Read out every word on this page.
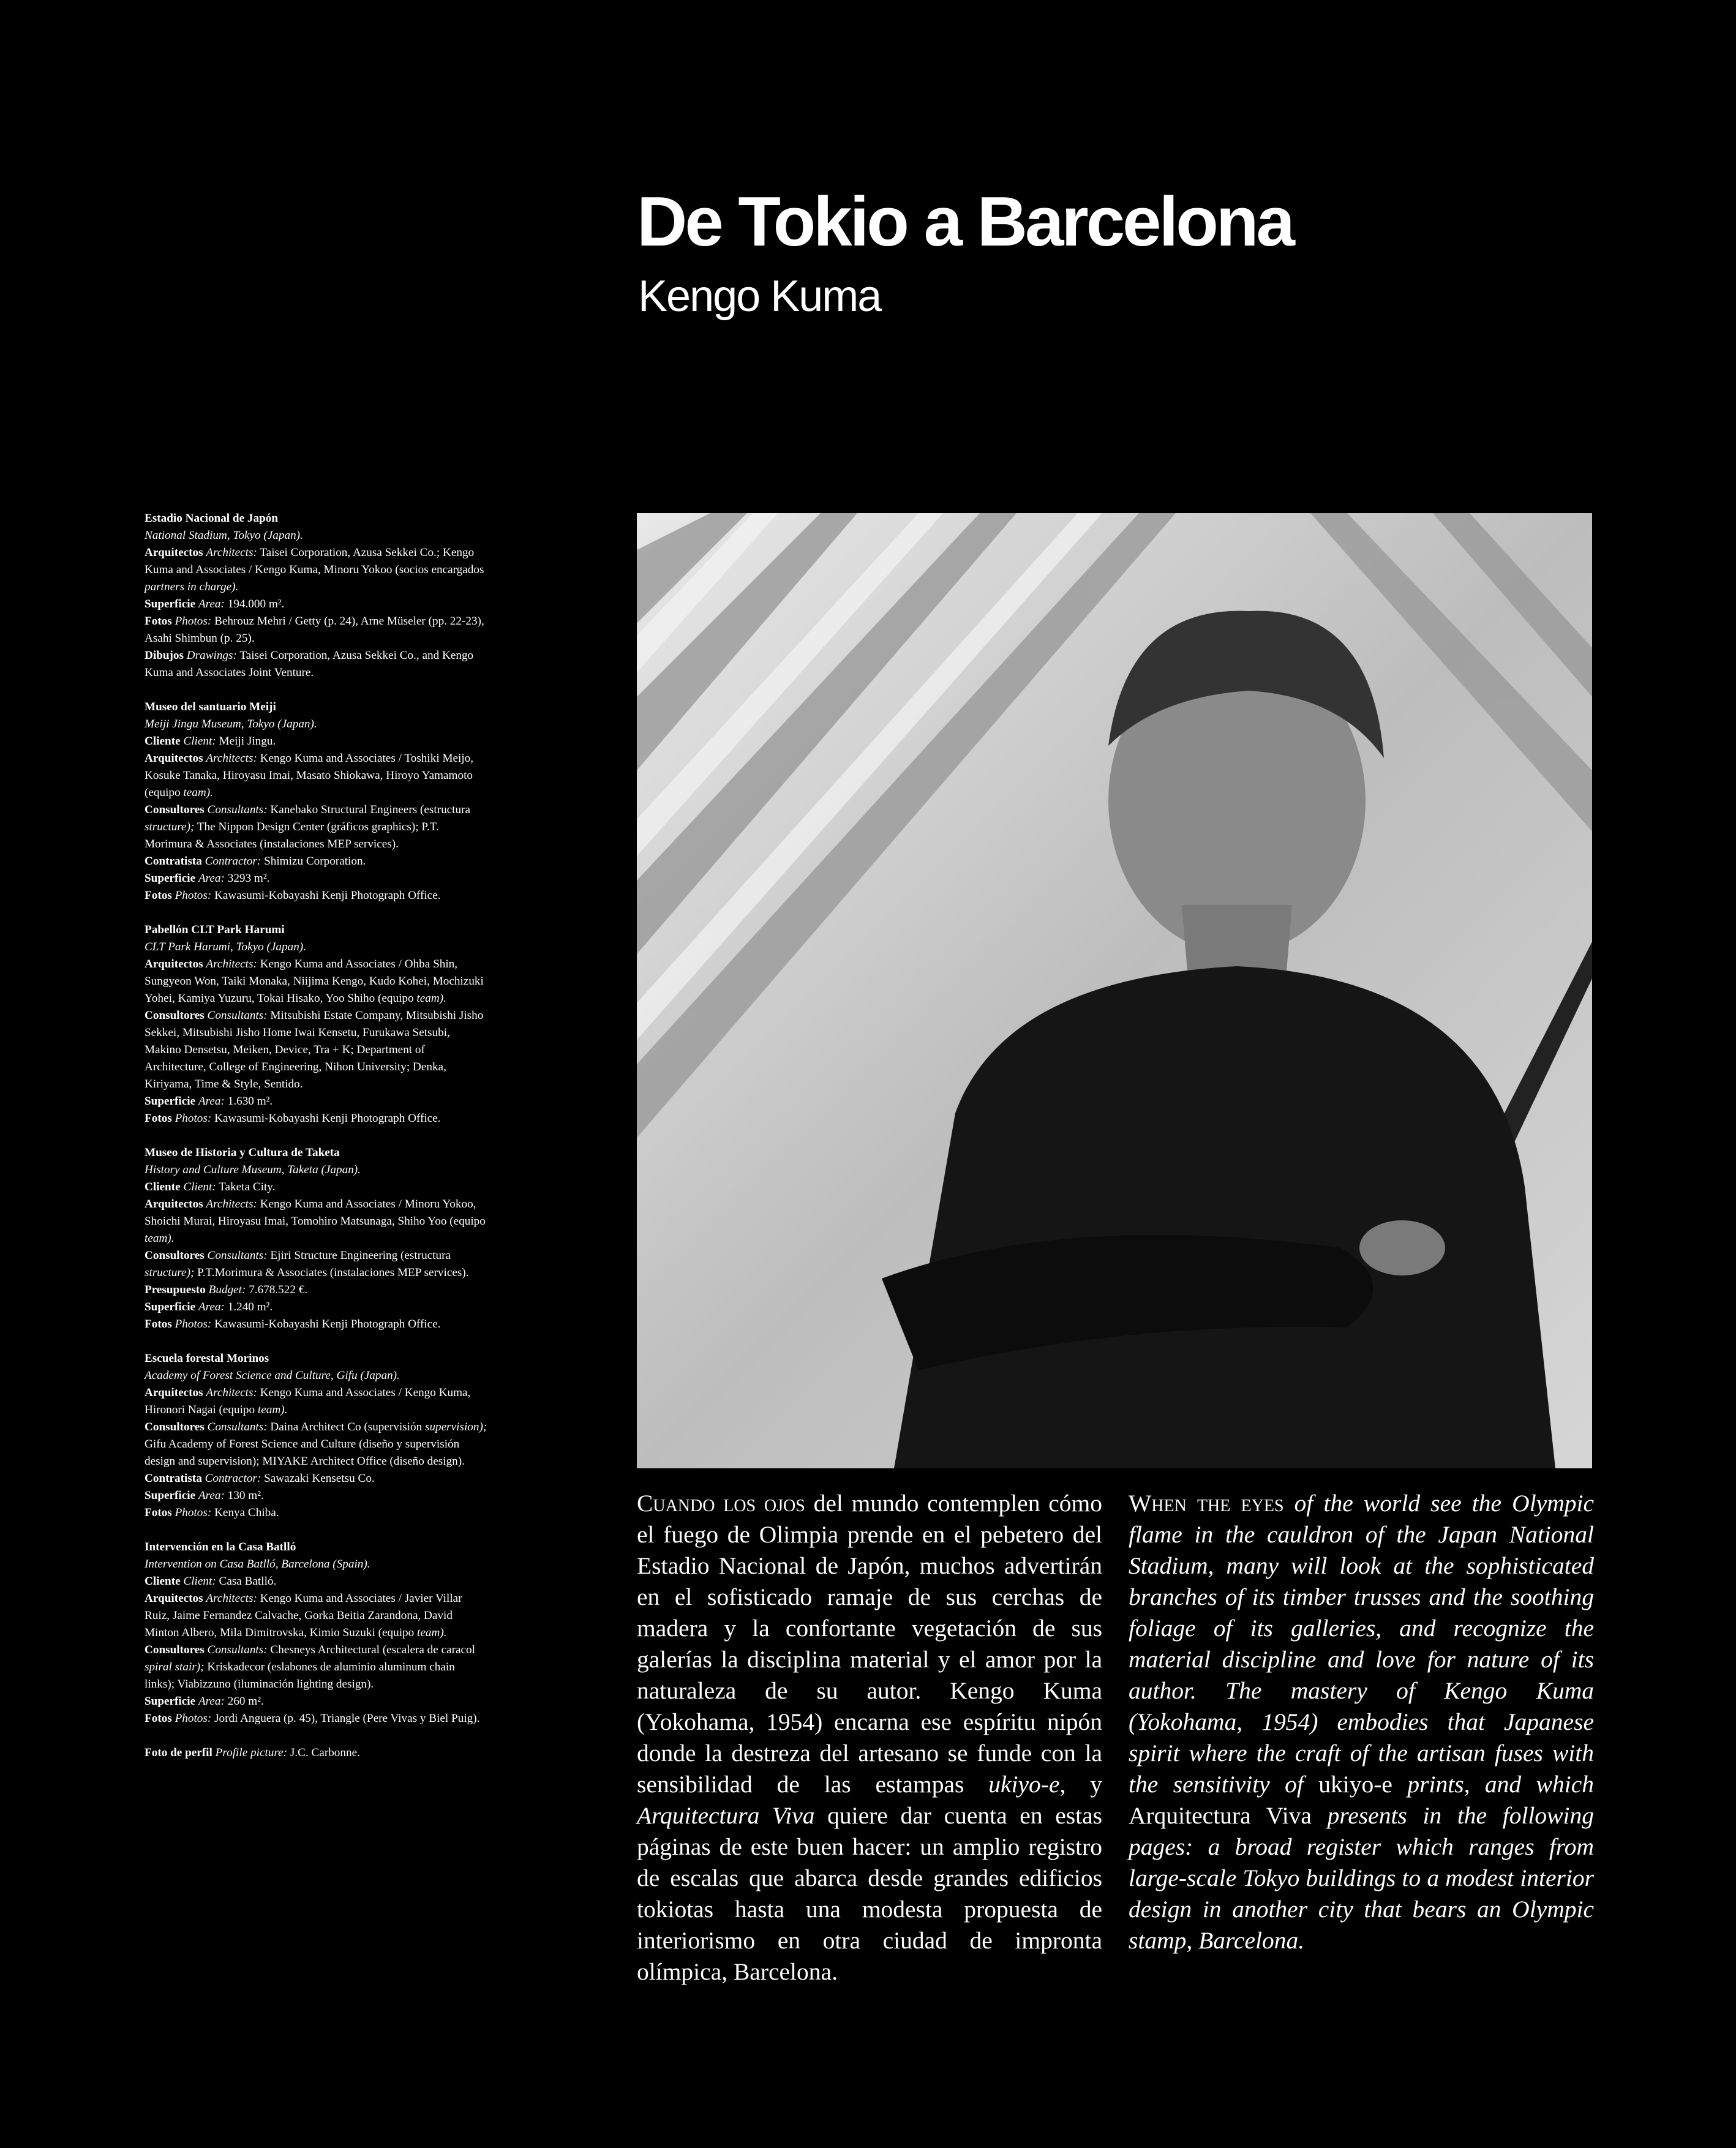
De Tokio a Barcelona
Kengo Kuma
Estadio Nacional de Japón
National Stadium, Tokyo (Japan).
Arquitectos Architects: Taisei Corporation, Azusa Sekkei Co.; Kengo Kuma and Associates / Kengo Kuma, Minoru Yokoo (socios encargados partners in charge).
Superficie Area: 194.000 m².
Fotos Photos: Behrouz Mehri / Getty (p. 24), Arne Müseler (pp. 22-23), Asahi Shimbun (p. 25).
Dibujos Drawings: Taisei Corporation, Azusa Sekkei Co., and Kengo Kuma and Associates Joint Venture.
Museo del santuario Meiji
Meiji Jingu Museum, Tokyo (Japan).
Cliente Client: Meiji Jingu.
Arquitectos Architects: Kengo Kuma and Associates / Toshiki Meijo, Kosuke Tanaka, Hiroyasu Imai, Masato Shiokawa, Hiroyo Yamamoto (equipo team).
Consultores Consultants: Kanebako Structural Engineers (estructura structure); The Nippon Design Center (gráficos graphics); P.T. Morimura & Associates (instalaciones MEP services).
Contratista Contractor: Shimizu Corporation.
Superficie Area: 3293 m².
Fotos Photos: Kawasumi-Kobayashi Kenji Photograph Office.
Pabellón CLT Park Harumi
CLT Park Harumi, Tokyo (Japan).
Arquitectos Architects: Kengo Kuma and Associates / Ohba Shin, Sungyeon Won, Taiki Monaka, Niijima Kengo, Kudo Kohei, Mochizuki Yohei, Kamiya Yuzuru, Tokai Hisako, Yoo Shiho (equipo team).
Consultores Consultants: Mitsubishi Estate Company, Mitsubishi Jisho Sekkei, Mitsubishi Jisho Home Iwai Kensetu, Furukawa Setsubi, Makino Densetsu, Meiken, Device, Tra + K; Department of Architecture, College of Engineering, Nihon University; Denka, Kiriyama, Time & Style, Sentido.
Superficie Area: 1.630 m².
Fotos Photos: Kawasumi-Kobayashi Kenji Photograph Office.
Museo de Historia y Cultura de Taketa
History and Culture Museum, Taketa (Japan).
Cliente Client: Taketa City.
Arquitectos Architects: Kengo Kuma and Associates / Minoru Yokoo, Shoichi Murai, Hiroyasu Imai, Tomohiro Matsunaga, Shiho Yoo (equipo team).
Consultores Consultants: Ejiri Structure Engineering (estructura structure); P.T.Morimura & Associates (instalaciones MEP services).
Presupuesto Budget: 7.678.522 €.
Superficie Area: 1.240 m².
Fotos Photos: Kawasumi-Kobayashi Kenji Photograph Office.
Escuela forestal Morinos
Academy of Forest Science and Culture, Gifu (Japan).
Arquitectos Architects: Kengo Kuma and Associates / Kengo Kuma, Hironori Nagai (equipo team).
Consultores Consultants: Daina Architect Co (supervisión supervision); Gifu Academy of Forest Science and Culture (diseño y supervisión design and supervision); MIYAKE Architect Office (diseño design).
Contratista Contractor: Sawazaki Kensetsu Co.
Superficie Area: 130 m².
Fotos Photos: Kenya Chiba.
Intervención en la Casa Batlló
Intervention on Casa Batlló, Barcelona (Spain).
Cliente Client: Casa Batlló.
Arquitectos Architects: Kengo Kuma and Associates / Javier Villar Ruiz, Jaime Fernandez Calvache, Gorka Beitia Zarandona, David Minton Albero, Mila Dimitrovska, Kimio Suzuki (equipo team).
Consultores Consultants: Chesneys Architectural (escalera de caracol spiral stair); Kriskadecor (eslabones de aluminio aluminum chain links); Viabizzuno (iluminación lighting design).
Superficie Area: 260 m².
Fotos Photos: Jordi Anguera (p. 45), Triangle (Pere Vivas y Biel Puig).
Foto de perfil Profile picture: J.C. Carbonne.
Cuando los ojos del mundo contemplen cómo el fuego de Olimpia prende en el pebetero del Estadio Nacional de Japón, muchos advertirán en el sofisticado ramaje de sus cerchas de madera y la confortante vegetación de sus galerías la disciplina material y el amor por la naturaleza de su autor. Kengo Kuma (Yokohama, 1954) encarna ese espíritu nipón donde la destreza del artesano se funde con la sensibilidad de las estampas ukiyo-e, y Arquitectura Viva quiere dar cuenta en estas páginas de este buen hacer: un amplio registro de escalas que abarca desde grandes edificios tokiotas hasta una modesta propuesta de interiorismo en otra ciudad de impronta olímpica, Barcelona.
When the eyes of the world see the Olympic flame in the cauldron of the Japan National Stadium, many will look at the sophisticated branches of its timber trusses and the soothing foliage of its galleries, and recognize the material discipline and love for nature of its author. The mastery of Kengo Kuma (Yokohama, 1954) embodies that Japanese spirit where the craft of the artisan fuses with the sensitivity of ukiyo-e prints, and which Arquitectura Viva presents in the following pages: a broad register which ranges from large-scale Tokyo buildings to a modest interior design in another city that bears an Olympic stamp, Barcelona.
